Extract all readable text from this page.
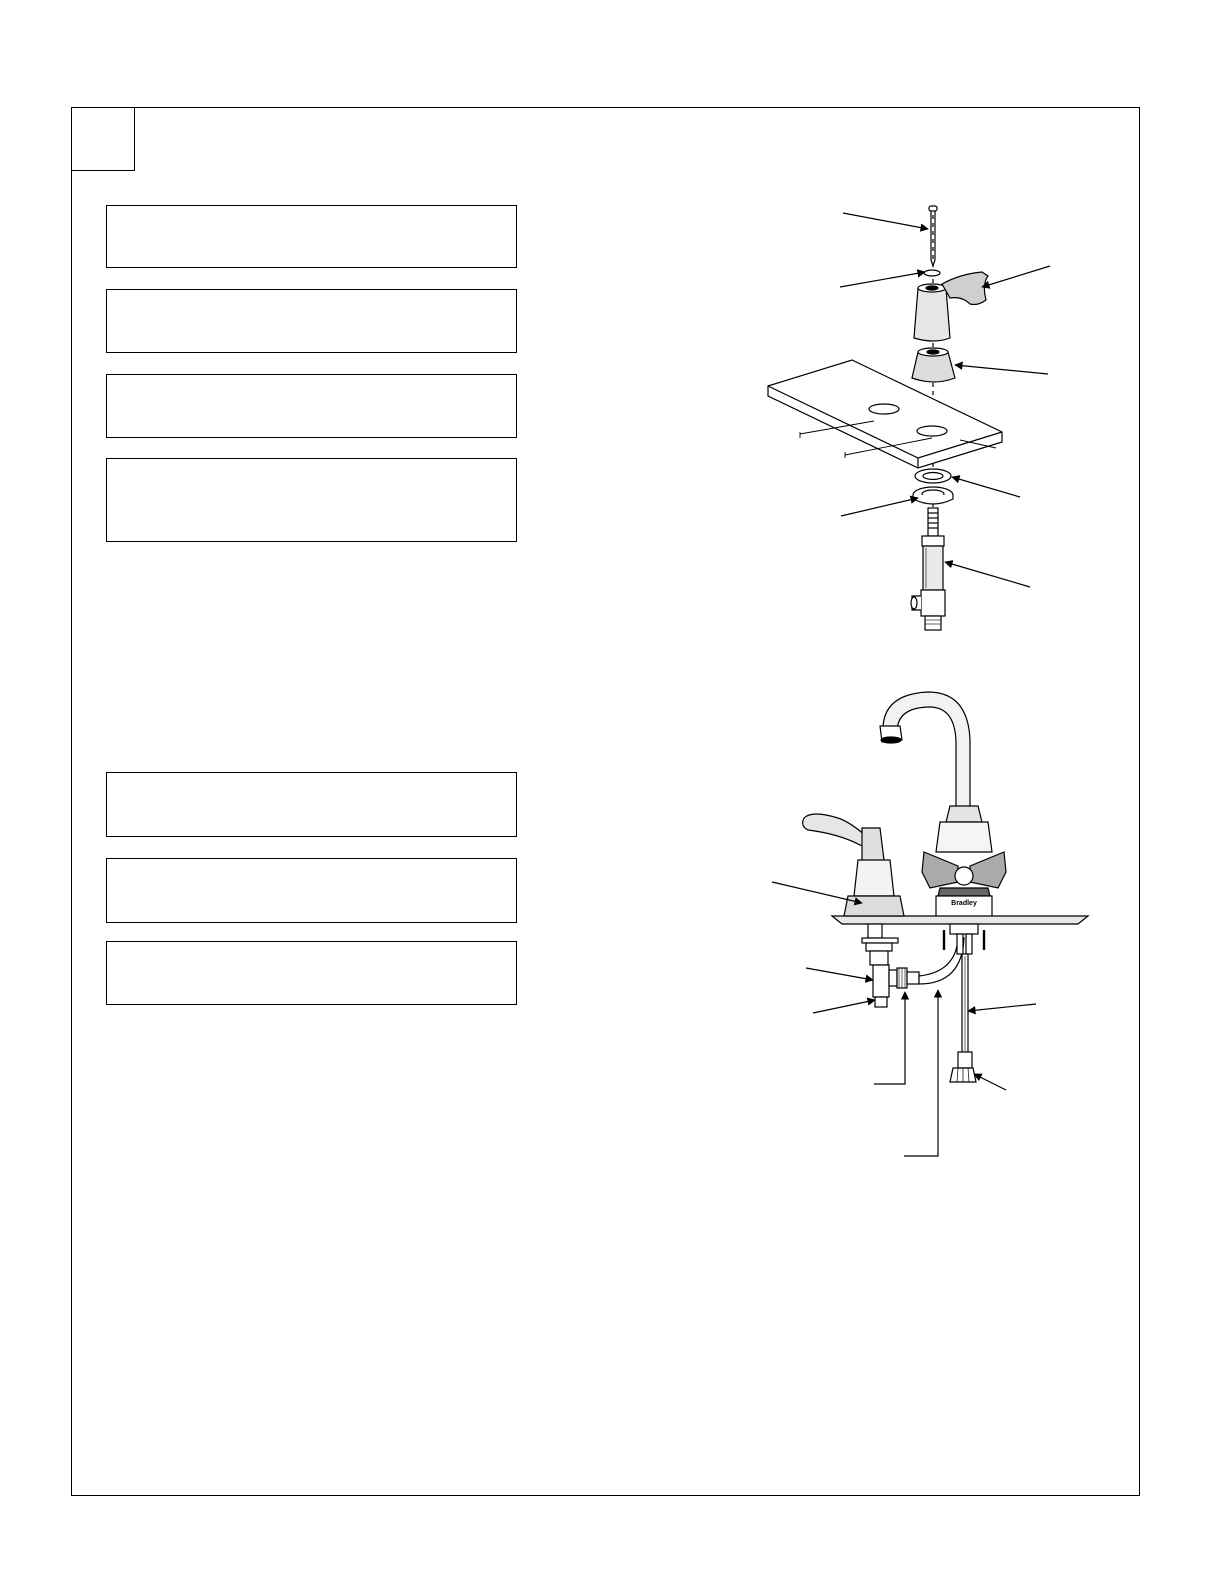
Bradley
